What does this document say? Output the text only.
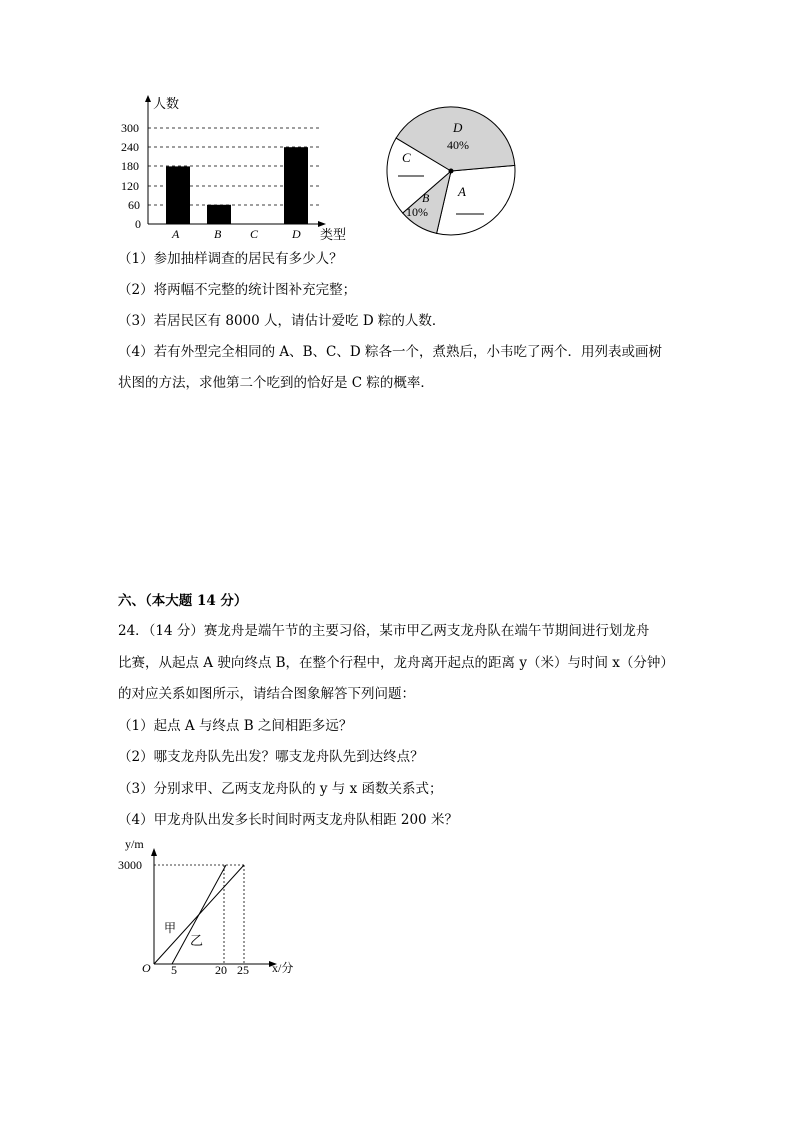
300
240
180
120
60
0
人数
类型
A	B C	D
D
40%
C
B
10%
A
（1）参加抽样调查的居民有多少人？
（2）将两幅不完整的统计图补充完整；
（3）若居民区有 8000 人，请估计爱吃 D 粽的人数．
（4）若有外型完全相同的 A、B、C、D 粽各一个，煮熟后，小韦吃了两个．用列表或画树
状图的方法，求他第二个吃到的恰好是 C 粽的概率．
六、（本大题 14 分）
24．（14 分）赛龙舟是端午节的主要习俗，某市甲乙两支龙舟队在端午节期间进行划龙舟
比赛，从起点 A 驶向终点 B，在整个行程中，龙舟离开起点的距离 y（米）与时间 x（分钟）
的对应关系如图所示，请结合图象解答下列问题：
（1）起点 A 与终点 B 之间相距多远？
（2）哪支龙舟队先出发？哪支龙舟队先到达终点？
（3）分别求甲、乙两支龙舟队的 y 与 x 函数关系式；
（4）甲龙舟队出发多长时间时两支龙舟队相距 200 米？
y/m
3000
O 5	20 25 x/分
甲
乙
